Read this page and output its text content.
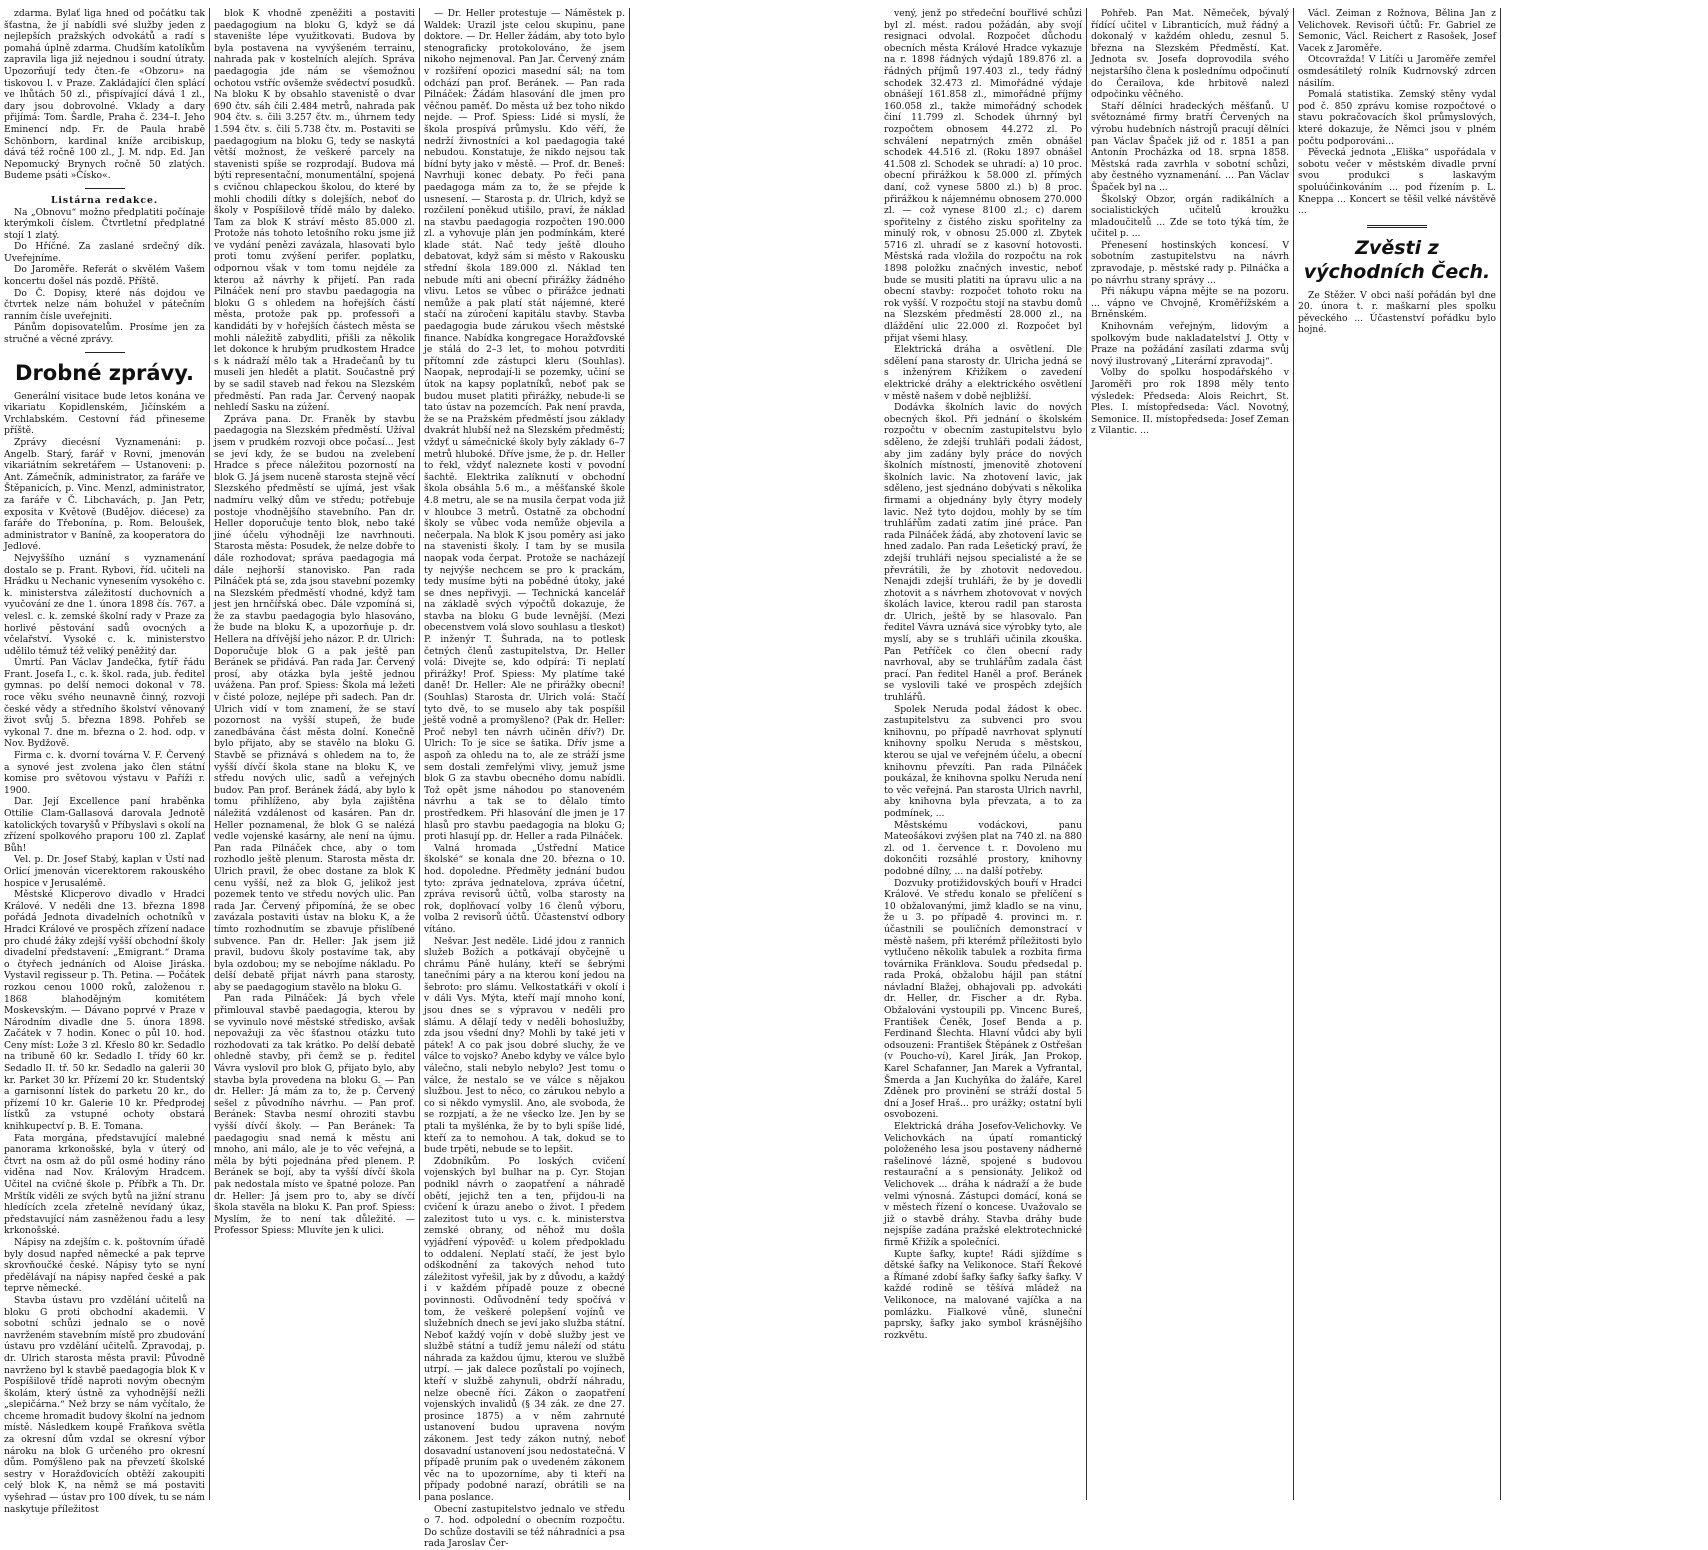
zdarma. Bylať liga hned od počátku tak šťastna, že jí nabídli své služby jeden z nejlepších pražských odvokátů a radí s pomahá úplně zdarma. Chudším katolíkům zapravila liga již nejednou i soudní útraty. Upozorňují tedy čten.-fe «Obzoru» na tiskovou l. v Praze. Zakládající člen splácí ve lhůtách 50 zl., přispívající dává 1 zl., dary jsou dobrovolné. Vklady a dary přijímá: Tom. Šardle, Praha č. 234–I. Jeho Eminencí ndp. Fr. de Paula hrabě Schönborn, kardinal kníže arcibiskup, dává též ročně 100 zl., J. M. ndp. Ed. Jan Nepomucký Brynych ročně 50 zlatých. Budeme psáti »Čísko«.

Listárna redakce.

Na „Obnovu“ možno předplatiti počínaje kterýmkoli číslem. Čtvrtletní předplatné stojí 1 zlatý.

Do Hříčné. Za zaslané srdečný dík. Uveřejníme.

Do Jaroměře. Referát o skvělém Vašem koncertu došel nás pozdě. Příště.

Do Č. Dopisy, které nás dojdou ve čtvrtek nelze nám bohužel v pátečním ranním čísle uveřejniti.

Pánům dopisovatelům. Prosíme jen za stručné a věcné zprávy.

Drobné zprávy.

Generální visitace bude letos konána ve vikariatu Kopidlenském, Jičínském a Vrchlabském. Cestovní řád přineseme příště.

Zprávy diecésní Vyznamenáni: p. Angelb. Starý, farář v Rovni, jmenován vikariátním sekretářem — Ustanoveni: p. Ant. Zámečník, administrator, za faráře ve Štěpanicích, p. Vinc. Menzl, administrator, za faráře v Č. Libchavách, p. Jan Petr, exposita v Květově (Budějov. diécese) za faráře do Třebonína, p. Rom. Beloušek, administrator v Baníně, za kooperatora do Jedlové.

Nejvyššího uznání s vyznamenání dostalo se p. Frant. Rybovi, říd. učiteli na Hrádku u Nechanic vynesením vysokého c. k. ministerstva záležitostí duchovních a vyučování ze dne 1. února 1898 čís. 767. a velesl. c. k. zemské školní rady v Praze za horlivé pěstování sadů ovocných a včelařství. Vysoké c. k. ministerstvo udělilo témuž též veliký peněžitý dar.

Úmrtí. Pan Václav Jandečka, fytíř řádu Frant. Josefa I., c. k. škol. rada, jub. ředitel gymnas. po delší nemoci dokonal v 78. roce věku svého neunavně činný, rozvoji české vědy a středního školství věnovaný život svůj 5. března 1898. Pohřeb se vykonal 7. dne m. března o 2. hod. odp. v Nov. Bydžově.

Firma c. k. dvorní továrna V. F. Červený a synové jest zvolena jako člen státní komise pro světovou výstavu v Paříži r. 1900.

Dar. Její Excellence paní hraběnka Ottilie Clam-Gallasová darovala Jednotě katolických tovaryšů v Příbyslavi s okolí na zřízení spolkového praporu 100 zl. Zaplať Bůh!

Vel. p. Dr. Josef Stabý, kaplan v Ústí nad Orlicí jmenován vicerektorem rakouského hospice v Jerusalémě.

Městské Klicperovo divadlo v Hradci Králové. V neděli dne 13. března 1898 pořádá Jednota divadelních ochotníků v Hradci Králové ve prospěch zřízení nadace pro chudé žáky zdejší vyšší obchodní školy divadelní představení: „Emigrant.“ Drama o čtyřech jednáních od Aloise Jiráska. Vystavil regisseur p. Th. Petina. — Počátek rozkou cenou 1000 roků, založenou r. 1868 blahodějným komitétem Moskevským. — Dávano poprvé v Praze v Národním divadle dne 5. února 1898. Začátek v 7 hodin. Konec o půl 10. hod. Ceny míst: Lože 3 zl. Křeslo 80 kr. Sedadlo na tribuně 60 kr. Sedadlo I. třídy 60 kr. Sedadlo II. tř. 50 kr. Sedadlo na galerii 30 kr. Parket 30 kr. Přízemí 20 kr. Studentský a garnisonní lístek do parketu 20 kr., do přízemí 10 kr. Galerie 10 kr. Předprodej lístků za vstupné ochoty obstará knihkupectví p. B. E. Tomana.

Fata morgána, představující malebné panorama krkonošské, byla v úterý od čtvrt na osm až do půl osmé hodiny ráno viděna nad Nov. Královým Hradcem. Učitel na cvičné škole p. Příbřk a Th. Dr. Mrštík viděli ze svých bytů na jižní stranu hledících zcela zřetelně nevídaný úkaz, představující nám zasněženou řadu a lesy krkonošské.

Nápisy na zdejším c. k. poštovním úřadě byly dosud napřed německé a pak teprve skrovňoučké české. Nápisy tyto se nyní předělávají na nápisy napřed české a pak teprve německé.

Stavba ústavu pro vzdělání učitelů na bloku G proti obchodní akademii. V sobotní schůzi jednalo se o nově navrženém stavebním místě pro zbudování ústavu pro vzdělání učitelů. Zpravodaj, p. dr. Ulrich starosta města pravil: Původně navrženo byl k stavbě paedagogia blok K v Pospíšilově třídě naproti novým obecným školám, který ústně za vyhodnější nežli „slepičárna.“ Než brzy se nám vyčítalo, že chceme hromadit budovy školní na jednom místě. Následkem koupě Fraňkova světla za okresní dům vzdal se okresní výbor nároku na blok G určeného pro okresní dům. Pomýšleno pak na převzetí školské sestry v Horažďovicích obtěží zakoupiti celý blok K, na němž se má postaviti vyšehrad — ústav pro 100 dívek, tu se nám naskytuje příležitost

blok K vhodně zpeněžiti a postaviti paedagogium na bloku G, když se dá stavenište lépe využitkovati. Budova by byla postavena na vyvýšeném terrainu, nahrada pak v kostelních alejích. Správa paedagogia jde nám se všemožnou ochotou vstříc ovšemže svědectví posudků. Na bloku K by obsahlo stavenistě o dvar 690 čtv. sáh čili 2.484 metrů, nahrada pak 904 čtv. s. čili 3.257 čtv. m., úhrnem tedy 1.594 čtv. s. čili 5.738 čtv. m. Postaviti se paedagogium na bloku G, tedy se naskytá větší možnost, že veškeré parcely na stavenisti spíše se rozprodají. Budova má býti representační, monumentální, spojená s cvičnou chlapeckou školou, do které by mohli chodili dítky s dolejších, neboť do školy v Pospíšilově třídě málo by daleko. Tam za blok K stráví město 85.000 zl. Protože nás tohoto letošního roku jsme již ve vydání penězi zavázala, hlasovati bylo proti tomu zvýšení perifer. poplatku, odpornou však v tom tomu nejdéle za kterou až návrhy k přijetí. Pan rada Pilnáček není pro stavbu paedagogia na bloku G s ohledem na hořejších částí města, protože pak pp. professoři a kandidáti by v hořejších částech města se mohli náležitě zabydliti, přišli za několik let dokonce k hrubým prudkostem Hradce s k nádraží mělo tak a Hradečanů by tu museli jen hledět a platit. Součastně prý by se sadil staveb nad řekou na Slezském předměstí. Pan rada Jar. Červený naopak nehledí Sasku na zúžení.

Zpráva pana. Dr. Franěk by stavbu paedagogia na Slezském předměstí. Užíval jsem v prudkém rozvoji obce počasí... Jest se jeví kdy, že se budou na zvelebení Hradce s přece náležitou pozorností na blok G. Já jsem nuceně starosta stejně věcí Slezského předměstí se ujímá, jest však nadmíru velký dům ve středu; potřebuje postoje vhodnějšího stavebního. Pan dr. Heller doporučuje tento blok, nebo také jiné účelu výhodněji lze navrhnouti. Starosta města: Posudek, že nelze dobře to dále rozhodovat; správa paedagogia má dále nejhorší stanovisko. Pan rada Pilnáček ptá se, zda jsou stavební pozemky na Slezském předměstí vhodné, když tam jest jen hrnčířská obec. Dále vzpomíná si, že za stavbu paedagogia bylo hlasováno, že bude na bloku K, a upozorňuje p. dr. Hellera na dřívější jeho názor. P. dr. Ulrich: Doporučuje blok G a pak ještě pan Beránek se přidává. Pan rada Jar. Červený prosí, aby otázka byla ještě jednou uvážena. Pan prof. Spiess: Škola má ležeti v čisté poloze, nejlépe při sadech. Pan dr. Ulrich vidí v tom znamení, že se staví pozornost na vyšší stupeň, že bude zanedbávána část města dolní. Konečně bylo přijato, aby se stavělo na bloku G. Stavbě se přiznává s ohledem na to, že vyšší dívčí škola stane na bloku K, ve středu nových ulic, sadů a veřejných budov. Pan prof. Beránek žádá, aby bylo k tomu přihlíženo, aby byla zajištěna náležitá vzdálenost od kasáren. Pan dr. Heller poznamenal, že blok G se nalézá vedle vojenské kasárny, ale není na újmu. Pan rada Pilnáček chce, aby o tom rozhodlo ještě plenum. Starosta města dr. Ulrich pravil, že obec dostane za blok K cenu vyšší, než za blok G, jelikož jest pozemek tento ve středu nových ulic. Pan rada Jar. Červený připomíná, že se obec zavázala postaviti ústav na bloku K, a že tímto rozhodnutím se zbavuje přislíbené subvence. Pan dr. Heller: Jak jsem již pravil, budovu školy postavíme tak, aby byla ozdobou; my se nebojíme nákladu. Po delší debatě přijat návrh pana starosty, aby se paedagogium stavělo na bloku G.

Pan rada Pilnáček: Já bych vřele přimlouval stavbě paedagogia, kterou by se vyvinulo nové městské středisko, avšak nepovažuji za věc šťastnou otázku tuto rozhodovati za tak krátko. Po delší debatě ohledně stavby, při čemž se p. ředitel Vávra vyslovil pro blok G, přijato bylo, aby stavba byla provedena na bloku G. — Pan dr. Heller: Já mám za to, že p. Červený sešel z původního návrhu. — Pan prof. Beránek: Stavba nesmí ohroziti stavbu vyšší dívčí školy. — Pan Beránek: Ta paedagogiu snad nemá k městu ani mnoho, ani málo, ale je to věc veřejná, a měla by býti pojednána před plenem. P. Beránek se bojí, aby ta vyšší dívčí škola pak nedostala místo ve špatné poloze. Pan dr. Heller: Já jsem pro to, aby se dívčí škola stavěla na bloku K. Pan prof. Spiess: Myslím, že to není tak důležité. — Professor Spiess: Mluvíte jen k ulici.

— Dr. Heller protestuje — Náměstek p. Waldek: Urazil jste celou skupinu, pane doktore. — Dr. Heller žádám, aby toto bylo stenograficky protokolováno, že jsem nikoho nejmenoval. Pan Jar. Červený znám v rozšíření opozici masední sál; na tom odchází pan prof. Beránek. — Pan rada Pilnáček: Žádám hlasování dle jmen pro věčnou paměť. Do města už bez toho nikdo nejde. — Prof. Spiess: Lidé si myslí, že škola prospívá průmyslu. Kdo věří, že nedrží živnostníci a kol paedagogia také nebudou. Konstatuje, že nikdo nejsou tak bídní byty jako v městě. — Prof. dr. Beneš: Navrhuji konec debaty. Po řeči pana paedagoga mám za to, že se přejde k usnesení. — Starosta p. dr. Ulrich, když se rozčilení poněkud utišilo, praví, že náklad na stavbu paedagogia rozpočten 190.000 zl. a vyhovuje plán jen podmínkám, které klade stát. Nač tedy ještě dlouho debatovat, když sám si město v Rakousku střední škola 189.000 zl. Náklad ten nebude míti ani obecní přirážky žádného vlivu. Letos se vůbec o přirážce jednati nemůže a pak platí stát nájemné, které stačí na zúročení kapitálu stavby. Stavba paedagogia bude zárukou všech městské finance. Nabídka kongregace Horažďovské je stálá do 2–3 let, to mohou potvrditi přítomní zde zástupci kleru (Souhlas). Naopak, neprodají-li se pozemky, učiní se útok na kapsy poplatníků, neboť pak se budou muset platiti přirážky, nebude-li se tato ústav na pozemcích. Pak není pravda, že se na Pražském předměstí jsou základy dvakrát hlubší než na Slezském předměstí; vždyť u sámečnické školy byly základy 6–7 metrů hluboké. Dříve jsme, že p. dr. Heller to řekl, vždyť naleznete kosti v povodní šachtě. Elektrika zalíknutí v obchodní škola obsáhla 5.6 m., a měšťanské škole 4.8 metru, ale se na musila čerpat voda již v hloubce 3 metrů. Ostatně za obchodní školy se vůbec voda nemůže objevila a nečerpala. Na blok K jsou poměry asi jako na stavenisti školy. I tam by se musila naopak voda čerpat. Protože se nacházejí ty nejvýše nechcem se pro k prackám, tedy musíme býti na pobědné útoky, jaké se dnes nepřivyji. — Technická kancelář na základě svých výpočtů dokazuje, že stavba na bloku G bude levnější. (Mezi obecenstvem volá slovo souhlasu a tleskot) P. inženýr T. Šuhrada, na to potlesk četných členů zastupitelstva, Dr. Heller volá: Divejte se, kdo odpírá: Ti neplatí přirážky! Prof. Spiess: My platíme také daně! Dr. Heller: Ale ne přirážky obecní! (Souhlas) Starosta dr. Ulrich volá: Stačí tyto dvě, to se muselo aby tak pospíšil ještě vodně a promyšleno? (Pak dr. Heller: Proč nebyl ten návrh učiněn dřív?) Dr. Ulrich: To je sice se šatika. Dřív jsme a aspoň za ohledu na to, ale ze stráží jsme sem dostali zemřelými vlivy, jemuž jsme blok G za stavbu obecného domu nabídli. Tož opět jsme náhodou po stanoveném návrhu a tak se to dělalo tímto prostředkem. Při hlasování dle jmen je 17 hlasů pro stavbu paedagogia na bloku G; proti hlasují pp. dr. Heller a rada Pilnáček.

Valná hromada „Ústřední Matice školské“ se konala dne 20. března o 10. hod. dopoledne. Předměty jednání budou tyto: zpráva jednatelova, zpráva účetní, zpráva revisorů účtů, volba starosty na rok, doplňovací volby 16 členů výboru, volba 2 revisorů účtů. Účastenství odbory vítáno.

Nešvar. Jest neděle. Lidé jdou z rannich služeb Božích a potkávají obyčejně u chrámu Páně hulány, kteří se šebrými tanečními páry a na kterou koní jedou na šebroto: pro slámu. Velkostatkáři v okolí i v dáli Vys. Mýta, kteří mají mnoho koní, jsou dnes se s výpravou v neděli pro slámu. A dělají tedy v neděli bohoslužby, zda jsou všední dny? Mohli by také jeti v pátek! A co pak jsou dobré sluchy, že ve válce to vojsko? Anebo kdyby ve válce bylo válečno, stali nebylo nebylo? Jest tomu o válce, že nestalo se ve válce s nějakou službou. Jest to něco, co zárukou nebylo a co si někdo vymyslil. Ano, ale svoboda, že se rozpjatí, a že ne všecko lze. Jen by se ptali ta myšlénka, že by to byli spíše lidé, kteří za to nemohou. A tak, dokud se to bude trpěti, nebude se to lepšit.

Zdobníkům. Po loských cvičení vojenských byl bulhar na p. Cyr. Stojan podnikl návrh o zaopatření a náhradě obětí, jejichž ten a ten, přijdou-li na cvičení k úrazu anebo o život. I předem zalezitost tuto u vys. c. k. ministerstva zemské obrany, od něhož mu došla vyjádření výpověď: u kolem předpokladu to oddalení. Neplatí stačí, že jest bylo odškodnění za takových nehod tuto záležitost vyřešil, jak by z důvodu, a každý i v každém případě pouze z obecné povinnosti. Odůvodnění tedy spočívá v tom, že veškeré polepšení vojínů ve služebních dnech se jeví jako služba státní. Neboť každý vojín v době služby jest ve službě státní a tudíž jemu náleží od státu náhrada za každou újmu, kterou ve službě utrpí. — jak dalece pozůstalí po vojínech, kteří v službě zahynuli, obdrží náhradu, nelze obecně říci. Zákon o zaopatření vojenských invalidů (§ 34 zák. ze dne 27. prosince 1875) a v něm zahrnuté ustanovení budou upravena novým zákonem. Jest tedy zákon nutný, neboť dosavadní ustanovení jsou nedostatečná. V případě pruním pak o uvedeném zákonem věc na to upozorníme, aby ti kteří na případy podobné narazí, obrátili se na pana poslance.

Obecní zastupitelstvo jednalo ve středu o 7. hod. odpolední o obecním rozpočtu. Do schůze dostavili se též náhradníci a psa rada Jaroslav Čer-

vený, jenž po středeční bouřlivé schůzi byl zl. mést. radou požádán, aby svojí resignaci odvolal. Rozpočet důchodu obecních města Králové Hradce vykazuje na r. 1898 řádných výdajů 189.876 zl. a řádných příjmů 197.403 zl., tedy řádný schodek 32.473 zl. Mimořádné výdaje obnášejí 161.858 zl., mimořádné příjmy 160.058 zl., takže mimořádný schodek činí 11.799 zl. Schodek úhrnný byl rozpočtem obnosem 44.272 zl. Po schválení nepatrných změn obnášel schodek 44.516 zl. (Roku 1897 obnášel 41.508 zl. Schodek se uhradí: a) 10 proc. obecní přirážkou k 58.000 zl. přímých daní, což vynese 5800 zl.) b) 8 proc. přirážkou k nájemnému obnosem 270.000 zl. — což vynese 8100 zl.; c) darem spořitelny z čistého zisku spořitelny za minulý rok, v obnosu 25.000 zl. Zbytek 5716 zl. uhradí se z kasovní hotovosti. Městská rada vložila do rozpočtu na rok 1898 položku značných investic, neboť bude se musiti platiti na úpravu ulic a na obecní stavby: rozpočet tohoto roku na rok vyšší. V rozpočtu stojí na stavbu domů na Slezském předměstí 28.000 zl., na dláždění ulic 22.000 zl. Rozpočet byl přijat všemi hlasy.

Elektrická dráha a osvětlení. Dle sdělení pana starosty dr. Ulricha jedná se s inženýrem Křižíkem o zavedení elektrické dráhy a elektrického osvětlení v městě našem v době nejbližší.

Dodávka školních lavic do nových obecných škol. Při jednání o školském rozpočtu v obecním zastupitelstvu bylo sděleno, že zdejší truhláři podali žádost, aby jim zadány byly práce do nových školních místností, jmenovitě zhotovení školních lavic. Na zhotovení lavic, jak sděleno, jest sjednáno dobývati s několika firmami a objednány byly čtyry modely lavic. Než tyto dojdou, mohly by se tím truhlářům zadati zatím jiné práce. Pan rada Pilnáček žádá, aby zhotovení lavic se hned zadalo. Pan rada Lešetický praví, že zdejší truhláři nejsou specialisté a že se převrátili, že by zhotovit nedovedou. Nenajdi zdejší truhláři, že by je dovedli zhotovit a s návrhem zhotovovat v nových školách lavice, kterou radil pan starosta dr. Ulrich, ještě by se hlasovalo. Pan ředitel Vávra uznává sice výrobky tyto, ale myslí, aby se s truhláři učinila zkouška. Pan Petříček co člen obecní rady navrhoval, aby se truhlářům zadala část prací. Pan ředitel Haněl a prof. Beránek se vyslovili také ve prospěch zdejších truhlářů.

Spolek Neruda podal žádost k obec. zastupitelstvu za subvenci pro svou knihovnu, po případě navrhovat splynutí knihovny spolku Neruda s městskou, kterou se ujal ve veřejném účelu, a obecní knihovnu převzíti. Pan rada Pilnáček poukázal, že knihovna spolku Neruda není to věc veřejná. Pan starosta Ulrich navrhl, aby knihovna byla převzata, a to za podmínek, ...

Městskému vodáckovi, panu Mateošákovi zvýšen plat na 740 zl. na 880 zl. od 1. července t. r. Dovoleno mu dokončiti rozsáhlé prostory, knihovny podobné dílny, ... na další potřeby.

Dozvuky protižidovských bouří v Hradci Králové. Ve středu konalo se přelíčení s 10 obžalovanými, jimž kladlo se na vinu, že u 3. po případě 4. provinci m. r. účastnili se pouličních demonstrací v městě našem, při kterémž příležitosti bylo vytlučeno několik tabulek a rozbita firma továrnika Fränklova. Soudu předsedal p. rada Proká, obžalobu hájil pan státní návladní Blažej, obhajovali pp. advokáti dr. Heller, dr. Fischer a dr. Ryba. Obžalováni vystoupili pp. Vincenc Bureš, František Čeněk, Josef Benda a p. Ferdinand Šlechta. Hlavní vůdci aby byli odsouzeni: František Štěpánek z Ostřešan (v Poucho-ví), Karel Jirák, Jan Prokop, Karel Schafanner, Jan Marek a Vyfrantal, Šmerda a Jan Kuchyňka do žaláře, Karel Zděnek pro provinění se stráží dostal 5 dní a Josef Hraš... pro urážky; ostatní byli osvobozeni.

Elektrická dráha Josefov-Velichovky. Ve Velichovkách na úpatí romantický položeného lesa jsou postaveny nádherné rašelinové lázně, spojené s budovou restaurační a s pensionáty. Jelikož od Velichovek ... dráha k nádraží a že bude velmi výnosná. Zástupci domácí, koná se v městech řízení o koncese. Uvažovalo se již o stavbě dráhy. Stavba dráhy bude nejspíše zadána pražské elektrotechnické firmě Křižík a společníci.

Kupte šafky, kupte! Rádi sjíždíme s dětské šafky na Velikonoce. Staří Řekové a Římané zdobí šafky šafky šafky šafky. V každé rodině se těšívá mládež na Velikonoce, na malované vajíčka a na pomlázku. Fialkové vůně, sluneční paprsky, šafky jako symbol krásnějšího rozkvětu.

Pohřeb. Pan Mat. Němeček, bývalý řídící učitel v Libranticích, muž řádný a dokonalý v každém ohledu, zesnul 5. března na Slezském Předměstí. Kat. Jednota sv. Josefa doprovodila svého nejstaršího člena k poslednímu odpočinutí do Čerailova, kde hrbitově nalezl odpočinku věčného.

Staří dělníci hradeckých měšťanů. U světoznámé firmy bratří Červených na výrobu hudebních nástrojů pracují dělníci pan Václav Špaček již od r. 1851 a pan Antonín Procházka od 18. srpna 1858. Městská rada zavrhla v sobotní schůzi, aby čestného vyznamenání. ... Pan Václav Špaček byl na ...

Školský Obzor, orgán radikálních a socialistických učitelů kroužku mladoučitelů ... Zde se toto týká tím, že učitel p. ...

Přenesení hostinských koncesí. V sobotním zastupitelstvu na návrh zpravodaje, p. městské rady p. Pilnáčka a po návrhu strany správy ...

Při nákupu vápna mějte se na pozoru. ... vápno ve Chvojně, Kroměřížském a Brněnském.

Knihovnám veřejným, lidovým a spolkovým bude nakladatelství J. Otty v Praze na požádání zasílati zdarma svůj nový ilustrovaný „Literární zpravodaj“.

Volby do spolku hospodářského v Jaroměři pro rok 1898 měly tento výsledek: Předseda: Alois Reichrt, St. Ples. I. místopředseda: Václ. Novotný, Semonice. II. místopředseda: Josef Zeman z Vilantic. ...

Václ. Zeiman z Rožnova, Bělina Jan z Velichovek. Revisoři účtů: Fr. Gabriel ze Semonic, Václ. Reichert z Rasošek, Josef Vacek z Jaroměře.

Otcovražda! V Litíči u Jaroměře zemřel osmdesátiletý rolník Kudrnovský zdrcen násilím.

Pomalá statistika. Zemský stěny vydal pod č. 850 zprávu komise rozpočtové o stavu pokračovacích škol průmyslových, které dokazuje, že Němci jsou v plném počtu podporováni...

Pěvecká jednota „Eliška“ uspořádala v sobotu večer v městském divadle první svou produkci s laskavým spoluúčinkováním ... pod řízením p. L. Kneppa ... Koncert se těšil velké návštěvě ...

Zvěsti z východních Čech.

Ze Stěžer. V obci naší pořádán byl dne 20. února t. r. maškarní ples spolku pěveckého ... Účastenství pořádku bylo hojné.
